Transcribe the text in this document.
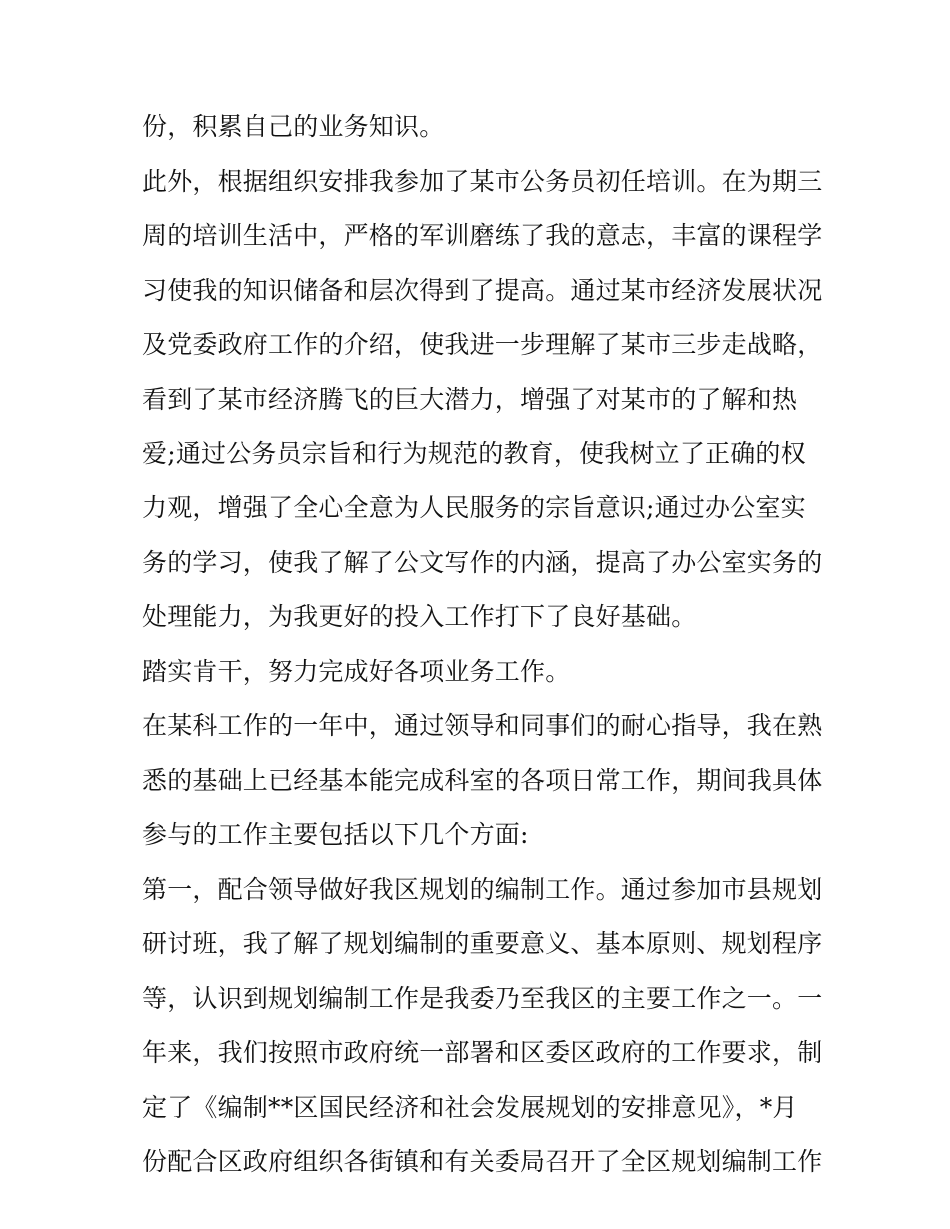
份，积累自己的业务知识。
此外，根据组织安排我参加了某市公务员初任培训。在为期三
周的培训生活中，严格的军训磨练了我的意志，丰富的课程学
习使我的知识储备和层次得到了提高。通过某市经济发展状况
及党委政府工作的介绍，使我进一步理解了某市三步走战略，
看到了某市经济腾飞的巨大潜力，增强了对某市的了解和热
爱;通过公务员宗旨和行为规范的教育，使我树立了正确的权
力观，增强了全心全意为人民服务的宗旨意识;通过办公室实
务的学习，使我了解了公文写作的内涵，提高了办公室实务的
处理能力，为我更好的投入工作打下了良好基础。
踏实肯干，努力完成好各项业务工作。
在某科工作的一年中，通过领导和同事们的耐心指导，我在熟
悉的基础上已经基本能完成科室的各项日常工作，期间我具体
参与的工作主要包括以下几个方面:
第一，配合领导做好我区规划的编制工作。通过参加市县规划
研讨班，我了解了规划编制的重要意义、基本原则、规划程序
等，认识到规划编制工作是我委乃至我区的主要工作之一。一
年来，我们按照市政府统一部署和区委区政府的工作要求，制
定了《编制**区国民经济和社会发展规划的安排意见》，*月
份配合区政府组织各街镇和有关委局召开了全区规划编制工作
